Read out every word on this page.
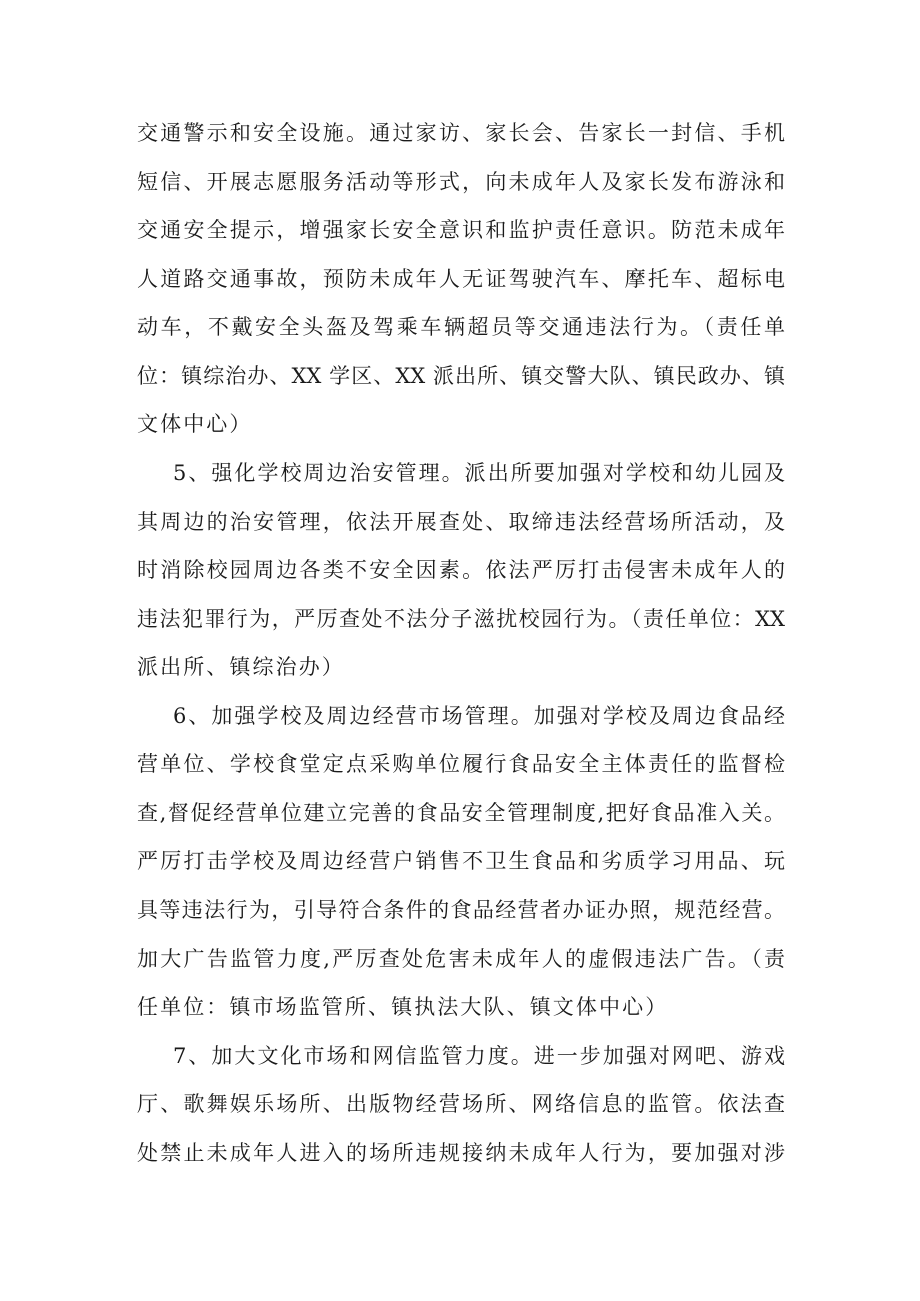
交通警示和安全设施。通过家访、家长会、告家长一封信、手机
短信、开展志愿服务活动等形式，向未成年人及家长发布游泳和
交通安全提示，增强家长安全意识和监护责任意识。防范未成年
人道路交通事故，预防未成年人无证驾驶汽车、摩托车、超标电
动车，不戴安全头盔及驾乘车辆超员等交通违法行为。（责任单
位：镇综治办、XX 学区、XX 派出所、镇交警大队、镇民政办、镇
文体中心）
5、强化学校周边治安管理。派出所要加强对学校和幼儿园及
其周边的治安管理，依法开展查处、取缔违法经营场所活动，及
时消除校园周边各类不安全因素。依法严厉打击侵害未成年人的
违法犯罪行为，严厉查处不法分子滋扰校园行为。（责任单位：XX
派出所、镇综治办）
6、加强学校及周边经营市场管理。加强对学校及周边食品经
营单位、学校食堂定点采购单位履行食品安全主体责任的监督检
查,督促经营单位建立完善的食品安全管理制度,把好食品准入关。
严厉打击学校及周边经营户销售不卫生食品和劣质学习用品、玩
具等违法行为，引导符合条件的食品经营者办证办照，规范经营。
加大广告监管力度,严厉查处危害未成年人的虚假违法广告。（责
任单位：镇市场监管所、镇执法大队、镇文体中心）
7、加大文化市场和网信监管力度。进一步加强对网吧、游戏
厅、歌舞娱乐场所、出版物经营场所、网络信息的监管。依法查
处禁止未成年人进入的场所违规接纳未成年人行为，要加强对涉
